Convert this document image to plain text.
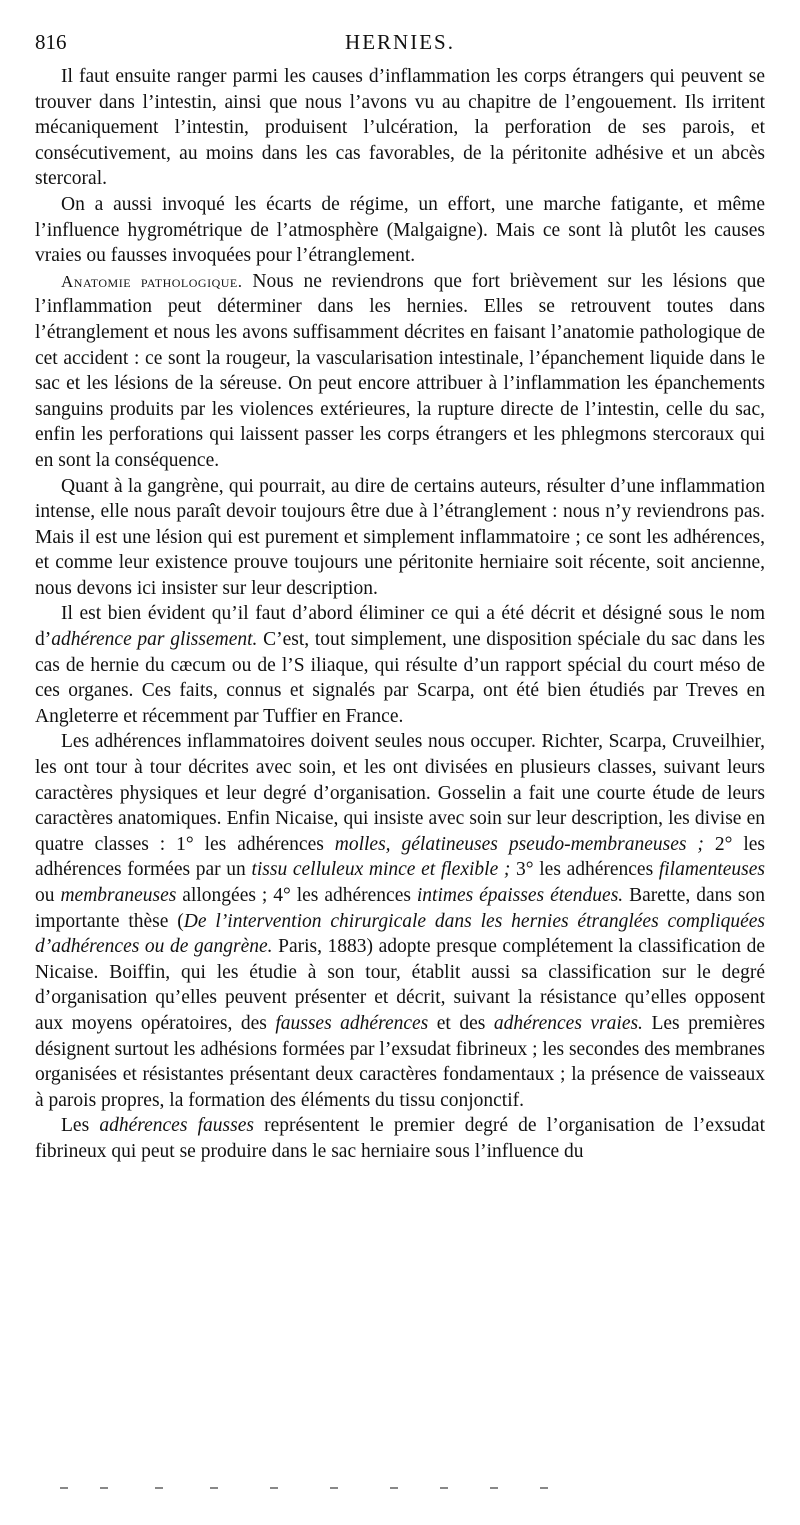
816	HERNIES.

Il faut ensuite ranger parmi les causes d’inflammation les corps étrangers qui peuvent se trouver dans l’intestin, ainsi que nous l’avons vu au chapitre de l’engouement. Ils irritent mécaniquement l’intestin, produisent l’ulcération, la perforation de ses parois, et consécutivement, au moins dans les cas favorables, de la péritonite adhésive et un abcès stercoral.

On a aussi invoqué les écarts de régime, un effort, une marche fatigante, et même l’influence hygrométrique de l’atmosphère (Malgaigne). Mais ce sont là plutôt les causes vraies ou fausses invoquées pour l’étranglement.

Anatomie pathologique. Nous ne reviendrons que fort brièvement sur les lésions que l’inflammation peut déterminer dans les hernies. Elles se retrouvent toutes dans l’étranglement et nous les avons suffisamment décrites en faisant l’anatomie pathologique de cet accident : ce sont la rougeur, la vascularisation intestinale, l’épanchement liquide dans le sac et les lésions de la séreuse. On peut encore attribuer à l’inflammation les épanchements sanguins produits par les violences extérieures, la rupture directe de l’intestin, celle du sac, enfin les perforations qui laissent passer les corps étrangers et les phlegmons stercoraux qui en sont la conséquence.

Quant à la gangrène, qui pourrait, au dire de certains auteurs, résulter d’une inflammation intense, elle nous paraît devoir toujours être due à l’étranglement : nous n’y reviendrons pas. Mais il est une lésion qui est purement et simplement inflammatoire ; ce sont les adhérences, et comme leur existence prouve toujours une péritonite herniaire soit récente, soit ancienne, nous devons ici insister sur leur description.

Il est bien évident qu’il faut d’abord éliminer ce qui a été décrit et désigné sous le nom d’adhérence par glissement. C’est, tout simplement, une disposition spéciale du sac dans les cas de hernie du cæcum ou de l’S iliaque, qui résulte d’un rapport spécial du court méso de ces organes. Ces faits, connus et signalés par Scarpa, ont été bien étudiés par Treves en Angleterre et récemment par Tuffier en France.

Les adhérences inflammatoires doivent seules nous occuper. Richter, Scarpa, Cruveilhier, les ont tour à tour décrites avec soin, et les ont divisées en plusieurs classes, suivant leurs caractères physiques et leur degré d’organisation. Gosselin a fait une courte étude de leurs caractères anatomiques. Enfin Nicaise, qui insiste avec soin sur leur description, les divise en quatre classes : 1° les adhérences molles, gélatineuses pseudo-membraneuses ; 2° les adhérences formées par un tissu celluleux mince et flexible ; 3° les adhérences filamenteuses ou membraneuses allongées ; 4° les adhérences intimes épaisses étendues. Barette, dans son importante thèse (De l’intervention chirurgicale dans les hernies étranglées compliquées d’adhérences ou de gangrène. Paris, 1883) adopte presque complétement la classification de Nicaise. Boiffin, qui les étudie à son tour, établit aussi sa classification sur le degré d’organisation qu’elles peuvent présenter et décrit, suivant la résistance qu’elles opposent aux moyens opératoires, des fausses adhérences et des adhérences vraies. Les premières désignent surtout les adhésions formées par l’exsudat fibrineux ; les secondes des membranes organisées et résistantes présentant deux caractères fondamentaux ; la présence de vaisseaux à parois propres, la formation des éléments du tissu conjonctif.

Les adhérences fausses représentent le premier degré de l’organisation de l’exsudat fibrineux qui peut se produire dans le sac herniaire sous l’influence du
